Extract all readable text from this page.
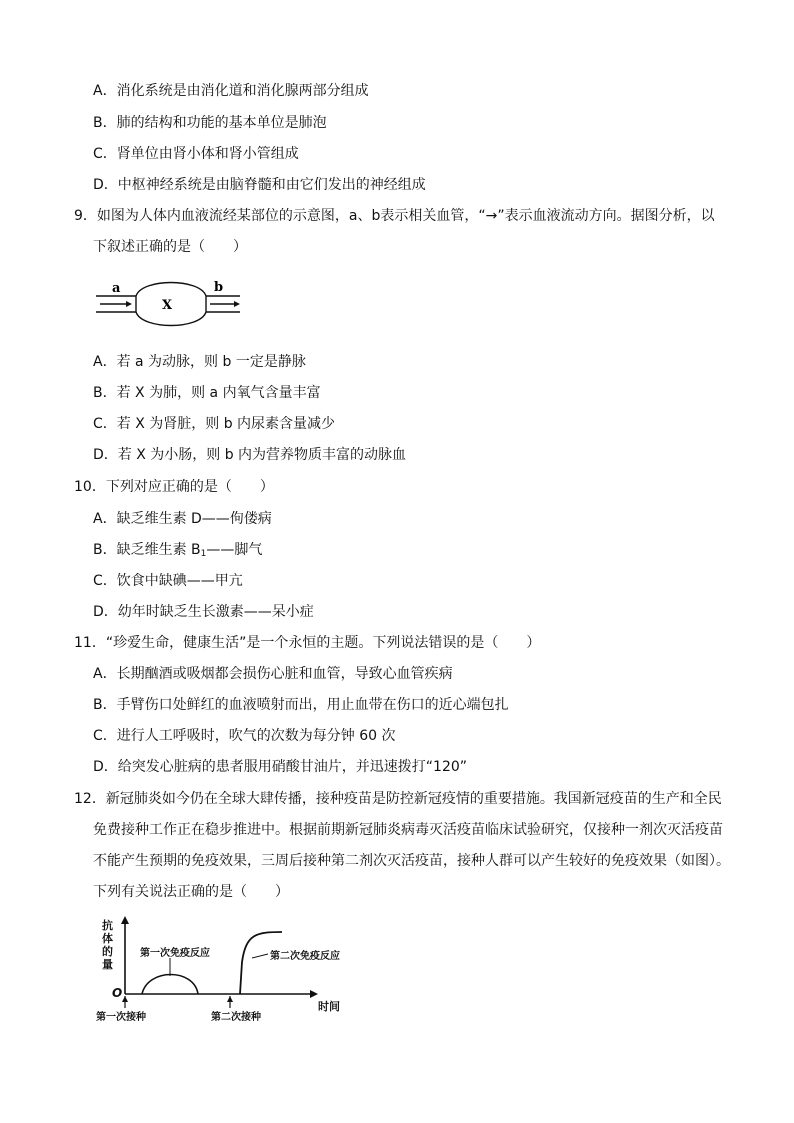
A．消化系统是由消化道和消化腺两部分组成
B．肺的结构和功能的基本单位是肺泡
C．肾单位由肾小体和肾小管组成
D．中枢神经系统是由脑脊髓和由它们发出的神经组成
9．如图为人体内血液流经某部位的示意图，a、b表示相关血管，“→”表示血液流动方向。据图分析，以
下叙述正确的是（　　）
a	b
X
A．若 a 为动脉，则 b 一定是静脉
B．若 X 为肺，则 a 内氧气含量丰富
C．若 X 为肾脏，则 b 内尿素含量减少
D．若 X 为小肠，则 b 内为营养物质丰富的动脉血
10．下列对应正确的是（　　）
A．缺乏维生素 D——佝偻病
B．缺乏维生素 $B_1——$脚气
C．饮食中缺碘——甲亢
D．幼年时缺乏生长激素——呆小症
11．“珍爱生命，健康生活”是一个永恒的主题。下列说法错误的是（　　）
A．长期酗酒或吸烟都会损伤心脏和血管，导致心血管疾病
B．手臂伤口处鲜红的血液喷射而出，用止血带在伤口的近心端包扎
C．进行人工呼吸时，吹气的次数为每分钟 60 次
D．给突发心脏病的患者服用硝酸甘油片，并迅速拨打“120”
12．新冠肺炎如今仍在全球大肆传播，接种疫苗是防控新冠疫情的重要措施。我国新冠疫苗的生产和全民
免费接种工作正在稳步推进中。根据前期新冠肺炎病毒灭活疫苗临床试验研究，仅接种一剂次灭活疫苗
不能产生预期的免疫效果，三周后接种第二剂次灭活疫苗，接种人群可以产生较好的免疫效果（如图）。
下列有关说法正确的是（　　）
抗
体
的
量
O
时间
第一次免疫反应	第二次免疫反应
第一次接种	第二次接种
